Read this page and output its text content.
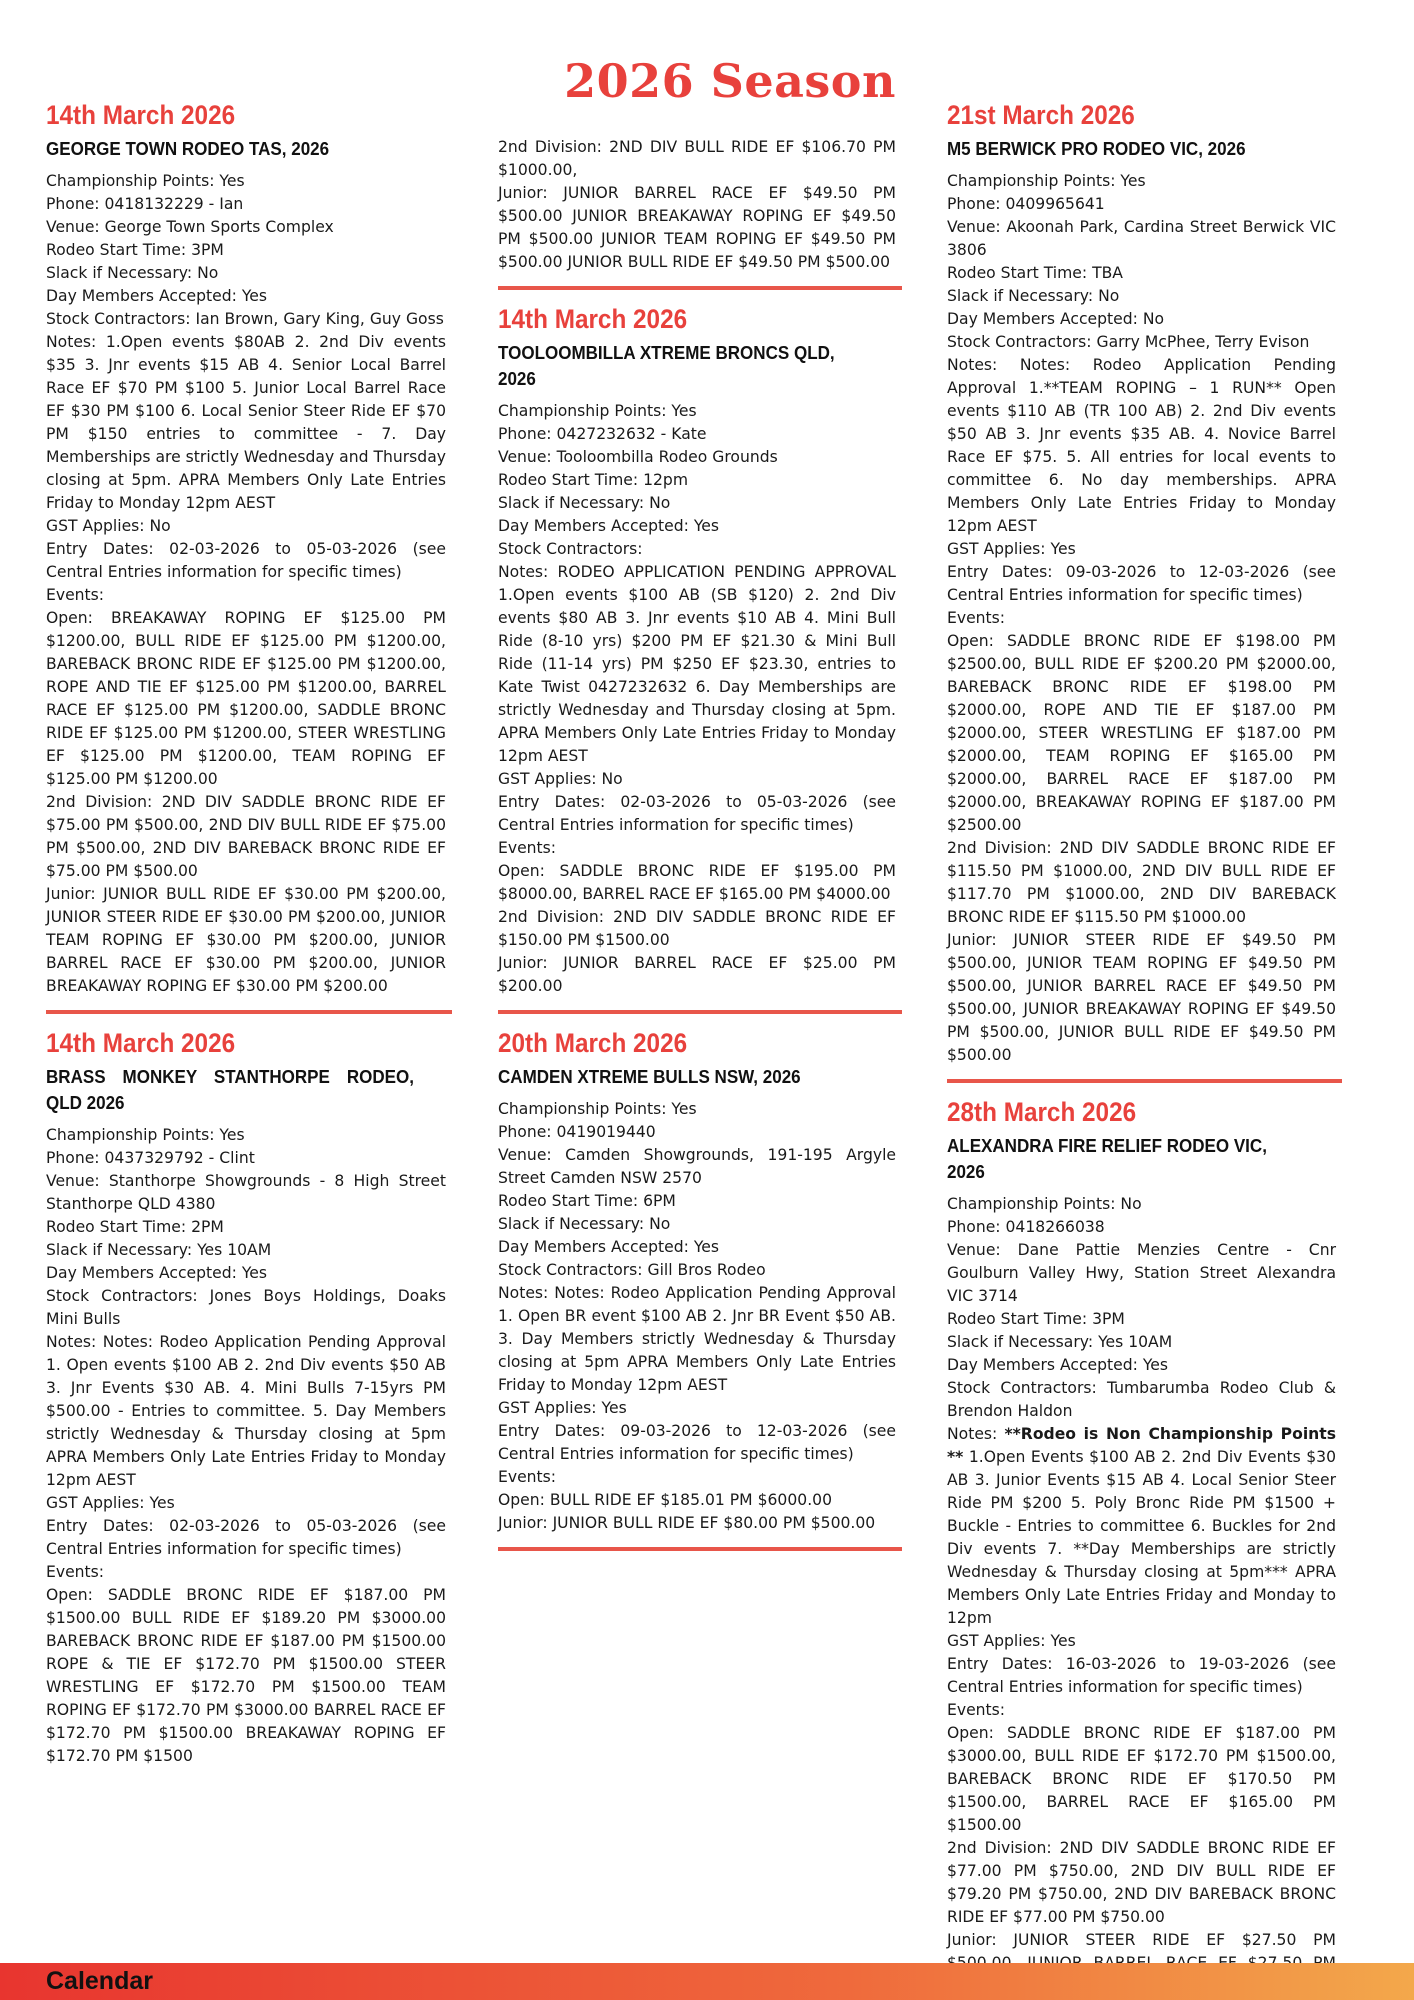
2026 Season
14th March 2026
GEORGE TOWN RODEO TAS, 2026

Championship Points: Yes

Phone: 0418132229 - Ian

Venue: George Town Sports Complex

Rodeo Start Time: 3PM

Slack if Necessary: No

Day Members Accepted: Yes

Stock Contractors: Ian Brown, Gary King, Guy Goss

Notes: 1.Open events $80AB 2. 2nd Div events $35 3. Jnr events $15 AB 4. Senior Local Barrel Race EF $70 PM $100 5. Junior Local Barrel Race EF $30 PM $100 6. Local Senior Steer Ride EF $70 PM $150 entries to committee - 7. Day Memberships are strictly Wednesday and Thursday closing at 5pm. APRA Members Only Late Entries Friday to Monday 12pm AEST

GST Applies: No

Entry Dates: 02-03-2026 to 05-03-2026 (see Central Entries information for specific times)

Events:

Open: BREAKAWAY ROPING EF $125.00 PM $1200.00, BULL RIDE EF $125.00 PM $1200.00, BAREBACK BRONC RIDE EF $125.00 PM $1200.00, ROPE AND TIE EF $125.00 PM $1200.00, BARREL RACE EF $125.00 PM $1200.00, SADDLE BRONC RIDE EF $125.00 PM $1200.00, STEER WRESTLING EF $125.00 PM $1200.00, TEAM ROPING EF $125.00 PM $1200.00

2nd Division: 2ND DIV SADDLE BRONC RIDE EF $75.00 PM $500.00, 2ND DIV BULL RIDE EF $75.00 PM $500.00, 2ND DIV BAREBACK BRONC RIDE EF $75.00 PM $500.00

Junior: JUNIOR BULL RIDE EF $30.00 PM $200.00, JUNIOR STEER RIDE EF $30.00 PM $200.00, JUNIOR TEAM ROPING EF $30.00 PM $200.00, JUNIOR BARREL RACE EF $30.00 PM $200.00, JUNIOR BREAKAWAY ROPING EF $30.00 PM $200.00

14th March 2026
BRASS MONKEY STANTHORPE RODEO, QLD 2026

Championship Points: Yes

Phone: 0437329792 - Clint

Venue: Stanthorpe Showgrounds - 8 High Street Stanthorpe QLD 4380

Rodeo Start Time: 2PM

Slack if Necessary: Yes 10AM

Day Members Accepted: Yes

Stock Contractors: Jones Boys Holdings, Doaks Mini Bulls

Notes: Notes: Rodeo Application Pending Approval 1. Open events $100 AB 2. 2nd Div events $50 AB 3. Jnr Events $30 AB. 4. Mini Bulls 7-15yrs PM $500.00 - Entries to committee. 5. Day Members strictly Wednesday & Thursday closing at 5pm APRA Members Only Late Entries Friday to Monday 12pm AEST

GST Applies: Yes

Entry Dates: 02-03-2026 to 05-03-2026 (see Central Entries information for specific times)

Events:

Open: SADDLE BRONC RIDE EF $187.00 PM $1500.00 BULL RIDE EF $189.20 PM $3000.00 BAREBACK BRONC RIDE EF $187.00 PM $1500.00 ROPE & TIE EF $172.70 PM $1500.00 STEER WRESTLING EF $172.70 PM $1500.00 TEAM ROPING EF $172.70 PM $3000.00 BARREL RACE EF $172.70 PM $1500.00 BREAKAWAY ROPING EF $172.70 PM $1500

2nd Division: 2ND DIV BULL RIDE EF $106.70 PM $1000.00,

Junior: JUNIOR BARREL RACE EF $49.50 PM $500.00 JUNIOR BREAKAWAY ROPING EF $49.50 PM $500.00 JUNIOR TEAM ROPING EF $49.50 PM $500.00 JUNIOR BULL RIDE EF $49.50 PM $500.00

14th March 2026
TOOLOOMBILLA XTREME BRONCS QLD, 2026

Championship Points: Yes

Phone: 0427232632 - Kate

Venue: Tooloombilla Rodeo Grounds

Rodeo Start Time: 12pm

Slack if Necessary: No

Day Members Accepted: Yes

Stock Contractors:

Notes: RODEO APPLICATION PENDING APPROVAL 1.Open events $100 AB (SB $120) 2. 2nd Div events $80 AB 3. Jnr events $10 AB 4. Mini Bull Ride (8-10 yrs) $200 PM EF $21.30 & Mini Bull Ride (11-14 yrs) PM $250 EF $23.30, entries to Kate Twist 0427232632 6. Day Memberships are strictly Wednesday and Thursday closing at 5pm. APRA Members Only Late Entries Friday to Monday 12pm AEST

GST Applies: No

Entry Dates: 02-03-2026 to 05-03-2026 (see Central Entries information for specific times)

Events:

Open: SADDLE BRONC RIDE EF $195.00 PM $8000.00, BARREL RACE EF $165.00 PM $4000.00

2nd Division: 2ND DIV SADDLE BRONC RIDE EF $150.00 PM $1500.00

Junior: JUNIOR BARREL RACE EF $25.00 PM $200.00

20th March 2026
CAMDEN XTREME BULLS NSW, 2026

Championship Points: Yes

Phone: 0419019440

Venue: Camden Showgrounds, 191-195 Argyle Street Camden NSW 2570

Rodeo Start Time: 6PM

Slack if Necessary: No

Day Members Accepted: Yes

Stock Contractors: Gill Bros Rodeo

Notes: Notes: Rodeo Application Pending Approval 1. Open BR event $100 AB 2. Jnr BR Event $50 AB. 3. Day Members strictly Wednesday & Thursday closing at 5pm APRA Members Only Late Entries Friday to Monday 12pm AEST

GST Applies: Yes

Entry Dates: 09-03-2026 to 12-03-2026 (see Central Entries information for specific times)

Events:

Open: BULL RIDE EF $185.01 PM $6000.00

Junior: JUNIOR BULL RIDE EF $80.00 PM $500.00

21st March 2026
M5 BERWICK PRO RODEO VIC, 2026

Championship Points: Yes

Phone: 0409965641

Venue: Akoonah Park, Cardina Street Berwick VIC 3806

Rodeo Start Time: TBA

Slack if Necessary: No

Day Members Accepted: No

Stock Contractors: Garry McPhee, Terry Evison

Notes: Notes: Rodeo Application Pending Approval 1.**TEAM ROPING – 1 RUN** Open events $110 AB (TR 100 AB) 2. 2nd Div events $50 AB 3. Jnr events $35 AB. 4. Novice Barrel Race EF $75. 5. All entries for local events to committee 6. No day memberships. APRA Members Only Late Entries Friday to Monday 12pm AEST

GST Applies: Yes

Entry Dates: 09-03-2026 to 12-03-2026 (see Central Entries information for specific times)

Events:

Open: SADDLE BRONC RIDE EF $198.00 PM $2500.00, BULL RIDE EF $200.20 PM $2000.00, BAREBACK BRONC RIDE EF $198.00 PM $2000.00, ROPE AND TIE EF $187.00 PM $2000.00, STEER WRESTLING EF $187.00 PM $2000.00, TEAM ROPING EF $165.00 PM $2000.00, BARREL RACE EF $187.00 PM $2000.00, BREAKAWAY ROPING EF $187.00 PM $2500.00

2nd Division: 2ND DIV SADDLE BRONC RIDE EF $115.50 PM $1000.00, 2ND DIV BULL RIDE EF $117.70 PM $1000.00, 2ND DIV BAREBACK BRONC RIDE EF $115.50 PM $1000.00

Junior: JUNIOR STEER RIDE EF $49.50 PM $500.00, JUNIOR TEAM ROPING EF $49.50 PM $500.00, JUNIOR BARREL RACE EF $49.50 PM $500.00, JUNIOR BREAKAWAY ROPING EF $49.50 PM $500.00, JUNIOR BULL RIDE EF $49.50 PM $500.00

28th March 2026
ALEXANDRA FIRE RELIEF RODEO VIC, 2026

Championship Points: No

Phone: 0418266038

Venue: Dane Pattie Menzies Centre - Cnr Goulburn Valley Hwy, Station Street Alexandra VIC 3714

Rodeo Start Time: 3PM

Slack if Necessary: Yes 10AM

Day Members Accepted: Yes

Stock Contractors: Tumbarumba Rodeo Club & Brendon Haldon

Notes: **Rodeo is Non Championship Points ** 1.Open Events $100 AB 2. 2nd Div Events $30 AB 3. Junior Events $15 AB 4. Local Senior Steer Ride PM $200 5. Poly Bronc Ride PM $1500 + Buckle - Entries to committee 6. Buckles for 2nd Div events 7. **Day Memberships are strictly Wednesday & Thursday closing at 5pm*** APRA Members Only Late Entries Friday and Monday to 12pm

GST Applies: Yes

Entry Dates: 16-03-2026 to 19-03-2026 (see Central Entries information for specific times)

Events:

Open: SADDLE BRONC RIDE EF $187.00 PM $3000.00, BULL RIDE EF $172.70 PM $1500.00, BAREBACK BRONC RIDE EF $170.50 PM $1500.00, BARREL RACE EF $165.00 PM $1500.00

2nd Division: 2ND DIV SADDLE BRONC RIDE EF $77.00 PM $750.00, 2ND DIV BULL RIDE EF $79.20 PM $750.00, 2ND DIV BAREBACK BRONC RIDE EF $77.00 PM $750.00

Junior: JUNIOR STEER RIDE EF $27.50 PM

Calendar
